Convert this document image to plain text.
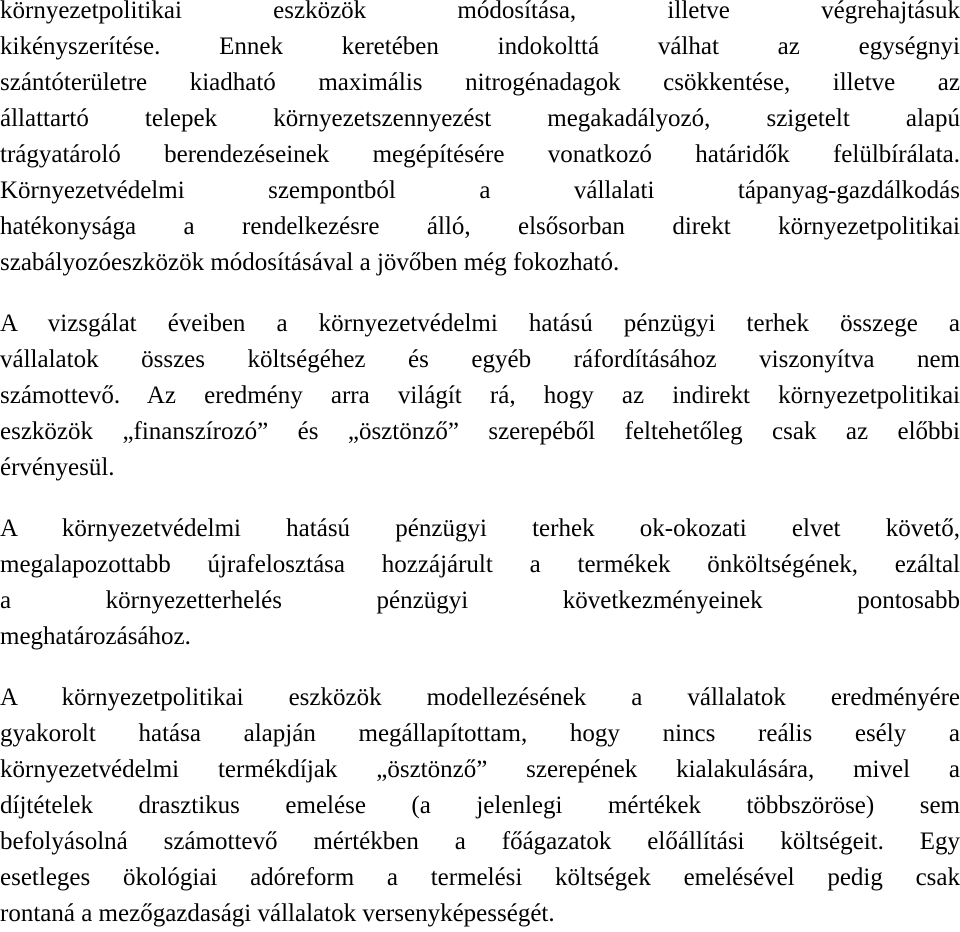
környezetpolitikai eszközök módosítása, illetve végrehajtásuk
kikényszerítése. Ennek keretében indokolttá válhat az egységnyi
szántóterületre kiadható maximális nitrogénadagok csökkentése, illetve az
állattartó telepek környezetszennyezést megakadályozó, szigetelt alapú
trágyatároló berendezéseinek megépítésére vonatkozó határidők felülbírálata.
Környezetvédelmi szempontból a vállalati tápanyag-gazdálkodás
hatékonysága a rendelkezésre álló, elsősorban direkt környezetpolitikai
szabályozóeszközök módosításával a jövőben még fokozható.
A vizsgálat éveiben a környezetvédelmi hatású pénzügyi terhek összege a
vállalatok összes költségéhez és egyéb ráfordításához viszonyítva nem
számottevő. Az eredmény arra világít rá, hogy az indirekt környezetpolitikai
eszközök „finanszírozó” és „ösztönző” szerepéből feltehetőleg csak az előbbi
érvényesül.
A környezetvédelmi hatású pénzügyi terhek ok-okozati elvet követő,
megalapozottabb újrafelosztása hozzájárult a termékek önköltségének, ezáltal
a környezetterhelés pénzügyi következményeinek pontosabb
meghatározásához.
A környezetpolitikai eszközök modellezésének a vállalatok eredményére
gyakorolt hatása alapján megállapítottam, hogy nincs reális esély a
környezetvédelmi termékdíjak „ösztönző” szerepének kialakulására, mivel a
díjtételek drasztikus emelése (a jelenlegi mértékek többszöröse) sem
befolyásolná számottevő mértékben a főágazatok előállítási költségeit. Egy
esetleges ökológiai adóreform a termelési költségek emelésével pedig csak
rontaná a mezőgazdasági vállalatok versenyképességét.
